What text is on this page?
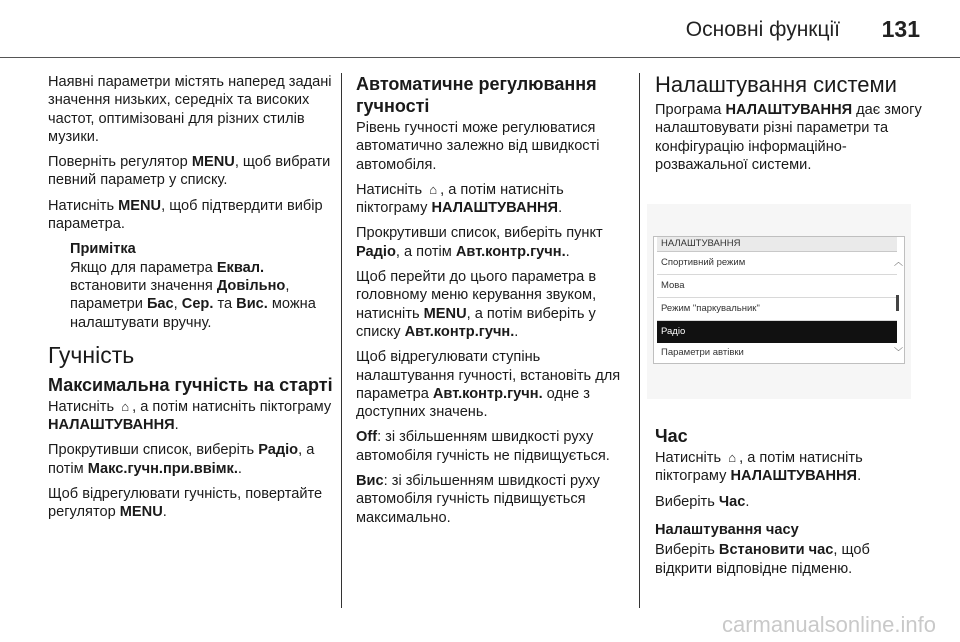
Основні функції 131

Наявні параметри містять наперед задані значення низьких, середніх та високих частот, оптимізовані для різних стилів музики.

Поверніть регулятор MENU, щоб вибрати певний параметр у списку.

Натисніть MENU, щоб підтвердити вибір параметра.

Примітка
Якщо для параметра Еквал. встановити значення Довільно, параметри Бас, Сер. та Вис. можна налаштувати вручну.
Гучність
Максимальна гучність на старті

Натисніть ⌂ , а потім натисніть піктограму НАЛАШТУВАННЯ.

Прокрутивши список, виберіть Радіо, а потім Макс.гучн.при.ввімк..

Щоб відрегулювати гучність, повертайте регулятор MENU.

Автоматичне регулювання гучності

Рівень гучності може регулюватися автоматично залежно від швидкості автомобіля.

Натисніть ⌂ , а потім натисніть піктограму НАЛАШТУВАННЯ.

Прокрутивши список, виберіть пункт Радіо, а потім Авт.контр.гучн..

Щоб перейти до цього параметра в головному меню керування звуком, натисніть MENU, а потім виберіть у списку Авт.контр.гучн..

Щоб відрегулювати ступінь налаштування гучності, встановіть для параметра Авт.контр.гучн. одне з доступних значень.

Off: зі збільшенням швидкості руху автомобіля гучність не підвищується.

Вис: зі збільшенням швидкості руху автомобіля гучність підвищується максимально.

Налаштування системи

Програма НАЛАШТУВАННЯ дає змогу налаштовувати різні параметри та конфігурацію інформаційно-розважальної системи.

НАЛАШТУВАННЯ
Спортивний режим
Мова
Режим "паркувальник"
Радіо
Параметри автівки
︿
﹀
Час

Натисніть ⌂ , а потім натисніть піктограму НАЛАШТУВАННЯ.

Виберіть Час.

Налаштування часу

Виберіть Встановити час, щоб відкрити відповідне підменю.

carmanualsonline.info
